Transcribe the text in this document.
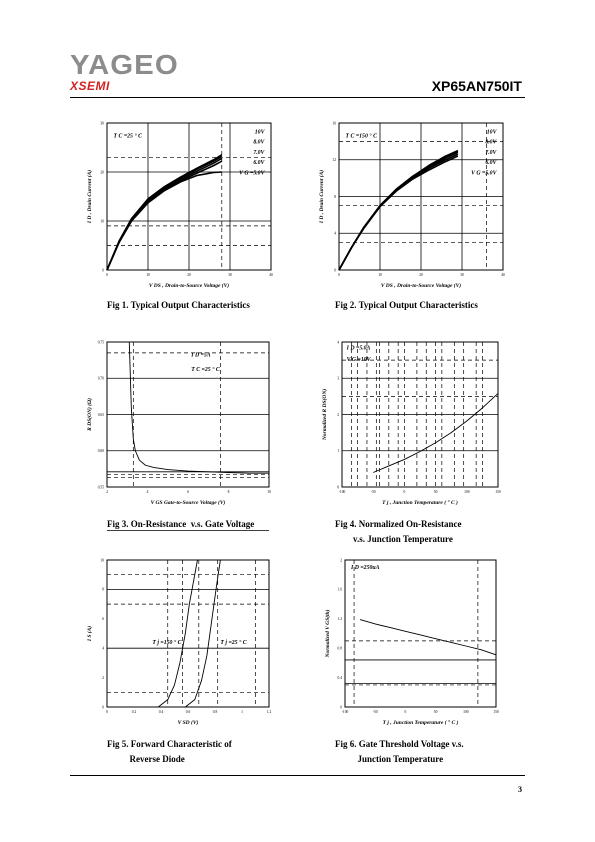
YAGEO
XSEMI	XP65AN750IT
0	10	20	30	40
0
10
20
30
V DS , Drain-to-Source Voltage (V)
I D , Drain Current (A)
T C =25 ° C
10V
8.0V
7.0V
6.0V
V G =5.0V
0	10	20	30	40
0
4
8
12
16
V DS , Drain-to-Source Voltage (V)
I D , Drain Current (A)
T C =150 ° C
10V
8.0V
7.0V
6.0V
V G =5.0V
2	4	6	8	10
0.55
0.60
0.65
0.70
0.75
V GS Gate-to-Source Voltage (V)
R DS(ON) (Ω)
I D =5A
T C =25 ° C
-100	-50	0	50	100	150
0
1
2
3
4
T j , Junction Temperature ( ° C )
Normalized R DS(ON)
I D =5.0A
V G =10V
0	0.2	0.4	0.6	0.8	1	1.2
0
2
4
6
8
10
V SD (V)
I S (A)
T j =150 ° C	T j =25 ° C
-100	-50	0	50	100	150
0
0.4
0.8
1.2
1.6
2
T j , Junction Temperature ( ° C )
Normalized V GS(th)
I D =250uA
Fig 1. Typical Output Characteristics	Fig 2. Typical Output Characteristics
Fig 3. On-Resistance  v.s. Gate Voltage	Fig 4. Normalized On-Resistance
v.s. Junction Temperature
Fig 5. Forward Characteristic of
Reverse Diode
Fig 6. Gate Threshold Voltage v.s.
Junction Temperature
3
